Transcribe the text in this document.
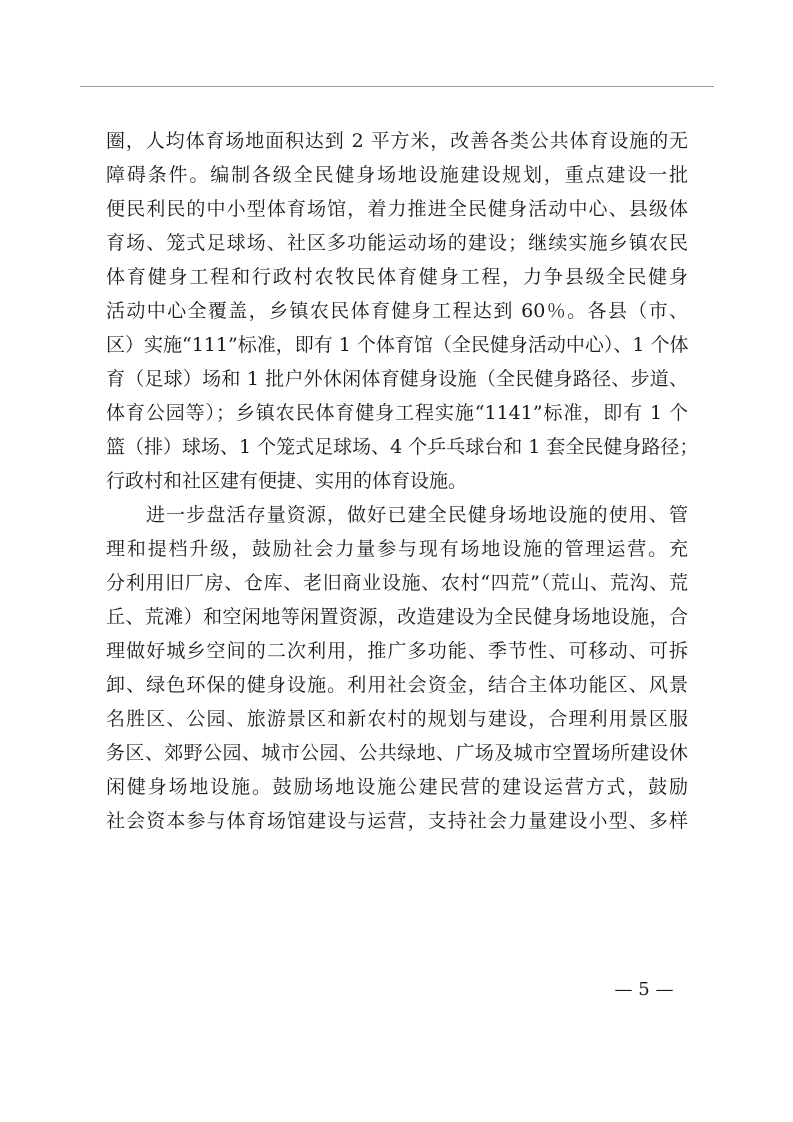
圈，人均体育场地面积达到 2 平方米，改善各类公共体育设施的无
障碍条件。编制各级全民健身场地设施建设规划，重点建设一批
便民利民的中小型体育场馆，着力推进全民健身活动中心、县级体
育场、笼式足球场、社区多功能运动场的建设；继续实施乡镇农民
体育健身工程和行政村农牧民体育健身工程，力争县级全民健身
活动中心全覆盖，乡镇农民体育健身工程达到 60％。各县（市、
区）实施“111”标准，即有 1 个体育馆（全民健身活动中心）、1 个体
育（足球）场和 1 批户外休闲体育健身设施（全民健身路径、步道、
体育公园等）；乡镇农民体育健身工程实施“1141”标准，即有 1 个
篮（排）球场、1 个笼式足球场、4 个乒乓球台和 1 套全民健身路径；
行政村和社区建有便捷、实用的体育设施。
进一步盘活存量资源，做好已建全民健身场地设施的使用、管
理和提档升级，鼓励社会力量参与现有场地设施的管理运营。充
分利用旧厂房、仓库、老旧商业设施、农村“四荒”（荒山、荒沟、荒
丘、荒滩）和空闲地等闲置资源，改造建设为全民健身场地设施，合
理做好城乡空间的二次利用，推广多功能、季节性、可移动、可拆
卸、绿色环保的健身设施。利用社会资金，结合主体功能区、风景
名胜区、公园、旅游景区和新农村的规划与建设，合理利用景区服
务区、郊野公园、城市公园、公共绿地、广场及城市空置场所建设休
闲健身场地设施。鼓励场地设施公建民营的建设运营方式，鼓励
社会资本参与体育场馆建设与运营，支持社会力量建设小型、多样
— 5 —
